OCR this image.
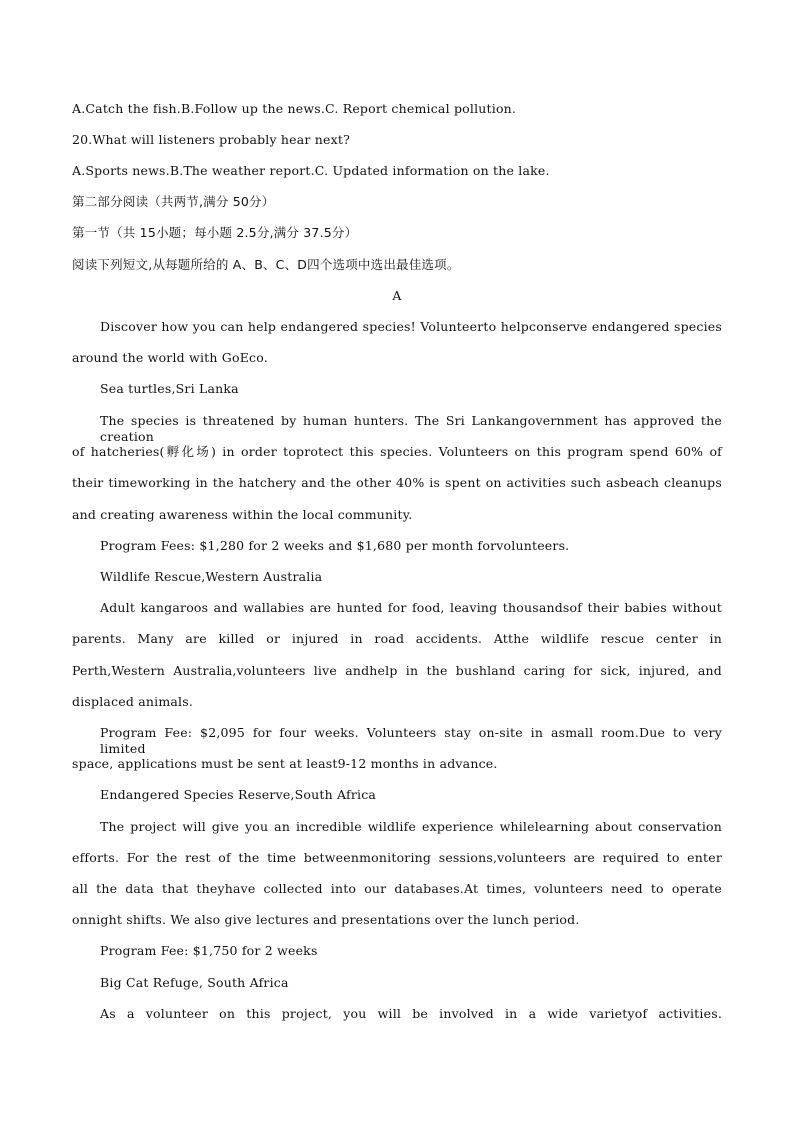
A.Catch the fish.B.Follow up the news.C. Report chemical pollution.
20.What will listeners probably hear next?
A.Sports news.B.The weather report.C. Updated information on the lake.
第二部分阅读（共两节,满分 50分）
第一节（共 15小题；每小题 2.5分,满分 37.5分）
阅读下列短文,从每题所给的 A、B、C、D四个选项中选出最佳选项。
A
Discover how you can help endangered species! Volunteerto helpconserve endangered species
around the world with GoEco.
Sea turtles,Sri Lanka
The species is threatened by human hunters. The Sri Lankangovernment has approved the creation
of hatcheries(孵化场) in order toprotect this species. Volunteers on this program spend 60% of
their timeworking in the hatchery and the other 40% is spent on activities such asbeach cleanups
and creating awareness within the local community.
Program Fees: $1,280 for 2 weeks and $1,680 per month forvolunteers.
Wildlife Rescue,Western Australia
Adult kangaroos and wallabies are hunted for food, leaving thousandsof their babies without
parents. Many are killed or injured in road accidents. Atthe wildlife rescue center in
Perth,Western Australia,volunteers live andhelp in the bushland caring for sick, injured, and
displaced animals.
Program Fee: $2,095 for four weeks. Volunteers stay on-site in asmall room.Due to very limited
space, applications must be sent at least9-12 months in advance.
Endangered Species Reserve,South Africa
The project will give you an incredible wildlife experience whilelearning about conservation
efforts. For the rest of the time betweenmonitoring sessions,volunteers are required to enter
all the data that theyhave collected into our databases.At times, volunteers need to operate
onnight shifts. We also give lectures and presentations over the lunch period.
Program Fee: $1,750 for 2 weeks
Big Cat Refuge, South Africa
As a volunteer on this project, you will be involved in a wide varietyof activities.
